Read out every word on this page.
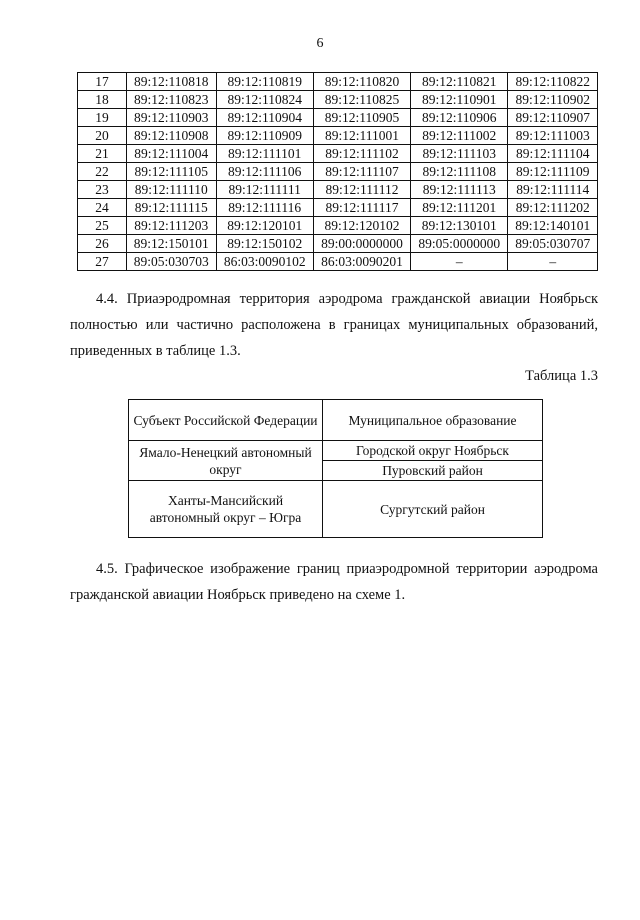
6
17	89:12:110818	89:12:110819	89:12:110820	89:12:110821	89:12:110822
18	89:12:110823	89:12:110824	89:12:110825	89:12:110901	89:12:110902
19	89:12:110903	89:12:110904	89:12:110905	89:12:110906	89:12:110907
20	89:12:110908	89:12:110909	89:12:111001	89:12:111002	89:12:111003
21	89:12:111004	89:12:111101	89:12:111102	89:12:111103	89:12:111104
22	89:12:111105	89:12:111106	89:12:111107	89:12:111108	89:12:111109
23	89:12:111110	89:12:111111	89:12:111112	89:12:111113	89:12:111114
24	89:12:111115	89:12:111116	89:12:111117	89:12:111201	89:12:111202
25	89:12:111203	89:12:120101	89:12:120102	89:12:130101	89:12:140101
26	89:12:150101	89:12:150102	89:00:0000000	89:05:0000000	89:05:030707
27	89:05:030703	86:03:0090102	86:03:0090201	–	–
4.4. Приаэродромная территория аэродрома гражданской авиации Ноябрьск
полностью или частично расположена в границах муниципальных образований,
приведенных в таблице 1.3.
Таблица 1.3
Субъект Российской Федерации	Муниципальное образование
Ямало-Ненецкий автономный округ	Городской округ Ноябрьск
	Пуровский район
Ханты-Мансийский автономный округ – Югра	Сургутский район
4.5. Графическое изображение границ приаэродромной территории аэродрома
гражданской авиации Ноябрьск приведено на схеме 1.
